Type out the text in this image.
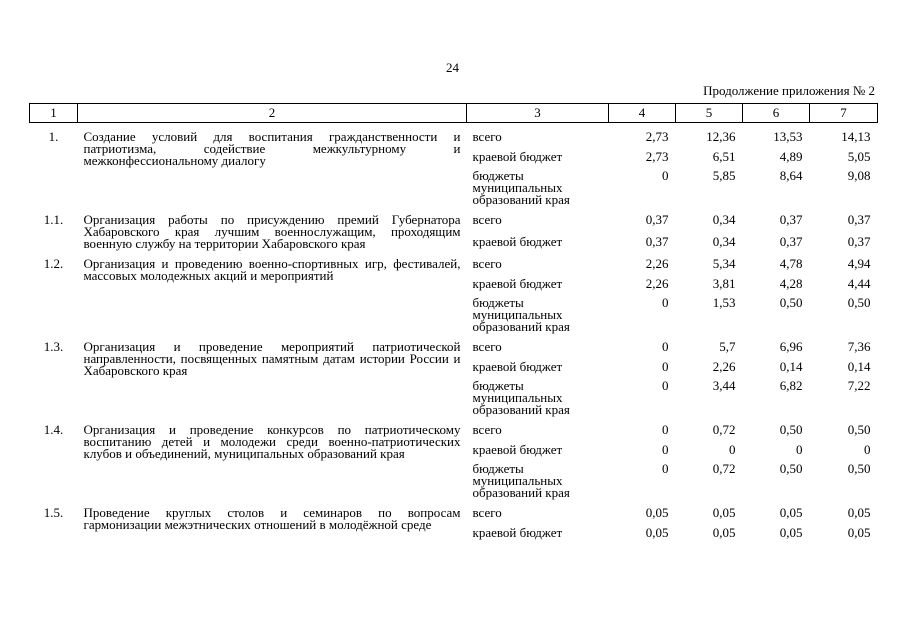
24
Продолжение приложения № 2
1	2	3	4	5	6	7
1.	Создание условий для воспитания гражданственности и патриотизма, содействие межкультурному и межконфессиональному диалогу	всего	2,73	12,36	13,53	14,13
		краевой бюджет	2,73	6,51	4,89	5,05
		бюджеты муниципальных образований края	0	5,85	8,64	9,08
1.1.	Организация работы по присуждению премий Губернатора Хабаровского края лучшим военнослужащим, проходящим военную службу на территории Хабаровского края	всего	0,37	0,34	0,37	0,37
		краевой бюджет	0,37	0,34	0,37	0,37
1.2.	Организация и проведению военно-спортивных игр, фестивалей, массовых молодежных акций и мероприятий	всего	2,26	5,34	4,78	4,94
		краевой бюджет	2,26	3,81	4,28	4,44
		бюджеты муниципальных образований края	0	1,53	0,50	0,50
1.3.	Организация и проведение мероприятий патриотической направленности, посвященных памятным датам истории России и Хабаровского края	всего	0	5,7	6,96	7,36
		краевой бюджет	0	2,26	0,14	0,14
		бюджеты муниципальных образований края	0	3,44	6,82	7,22
1.4.	Организация и проведение конкурсов по патриотическому воспитанию детей и молодежи среди военно-патриотических клубов и объединений, муниципальных образований края	всего	0	0,72	0,50	0,50
		краевой бюджет	0	0	0	0
		бюджеты муниципальных образований края	0	0,72	0,50	0,50
1.5.	Проведение круглых столов и семинаров по вопросам гармонизации межэтнических отношений в молодёжной среде	всего	0,05	0,05	0,05	0,05
		краевой бюджет	0,05	0,05	0,05	0,05
